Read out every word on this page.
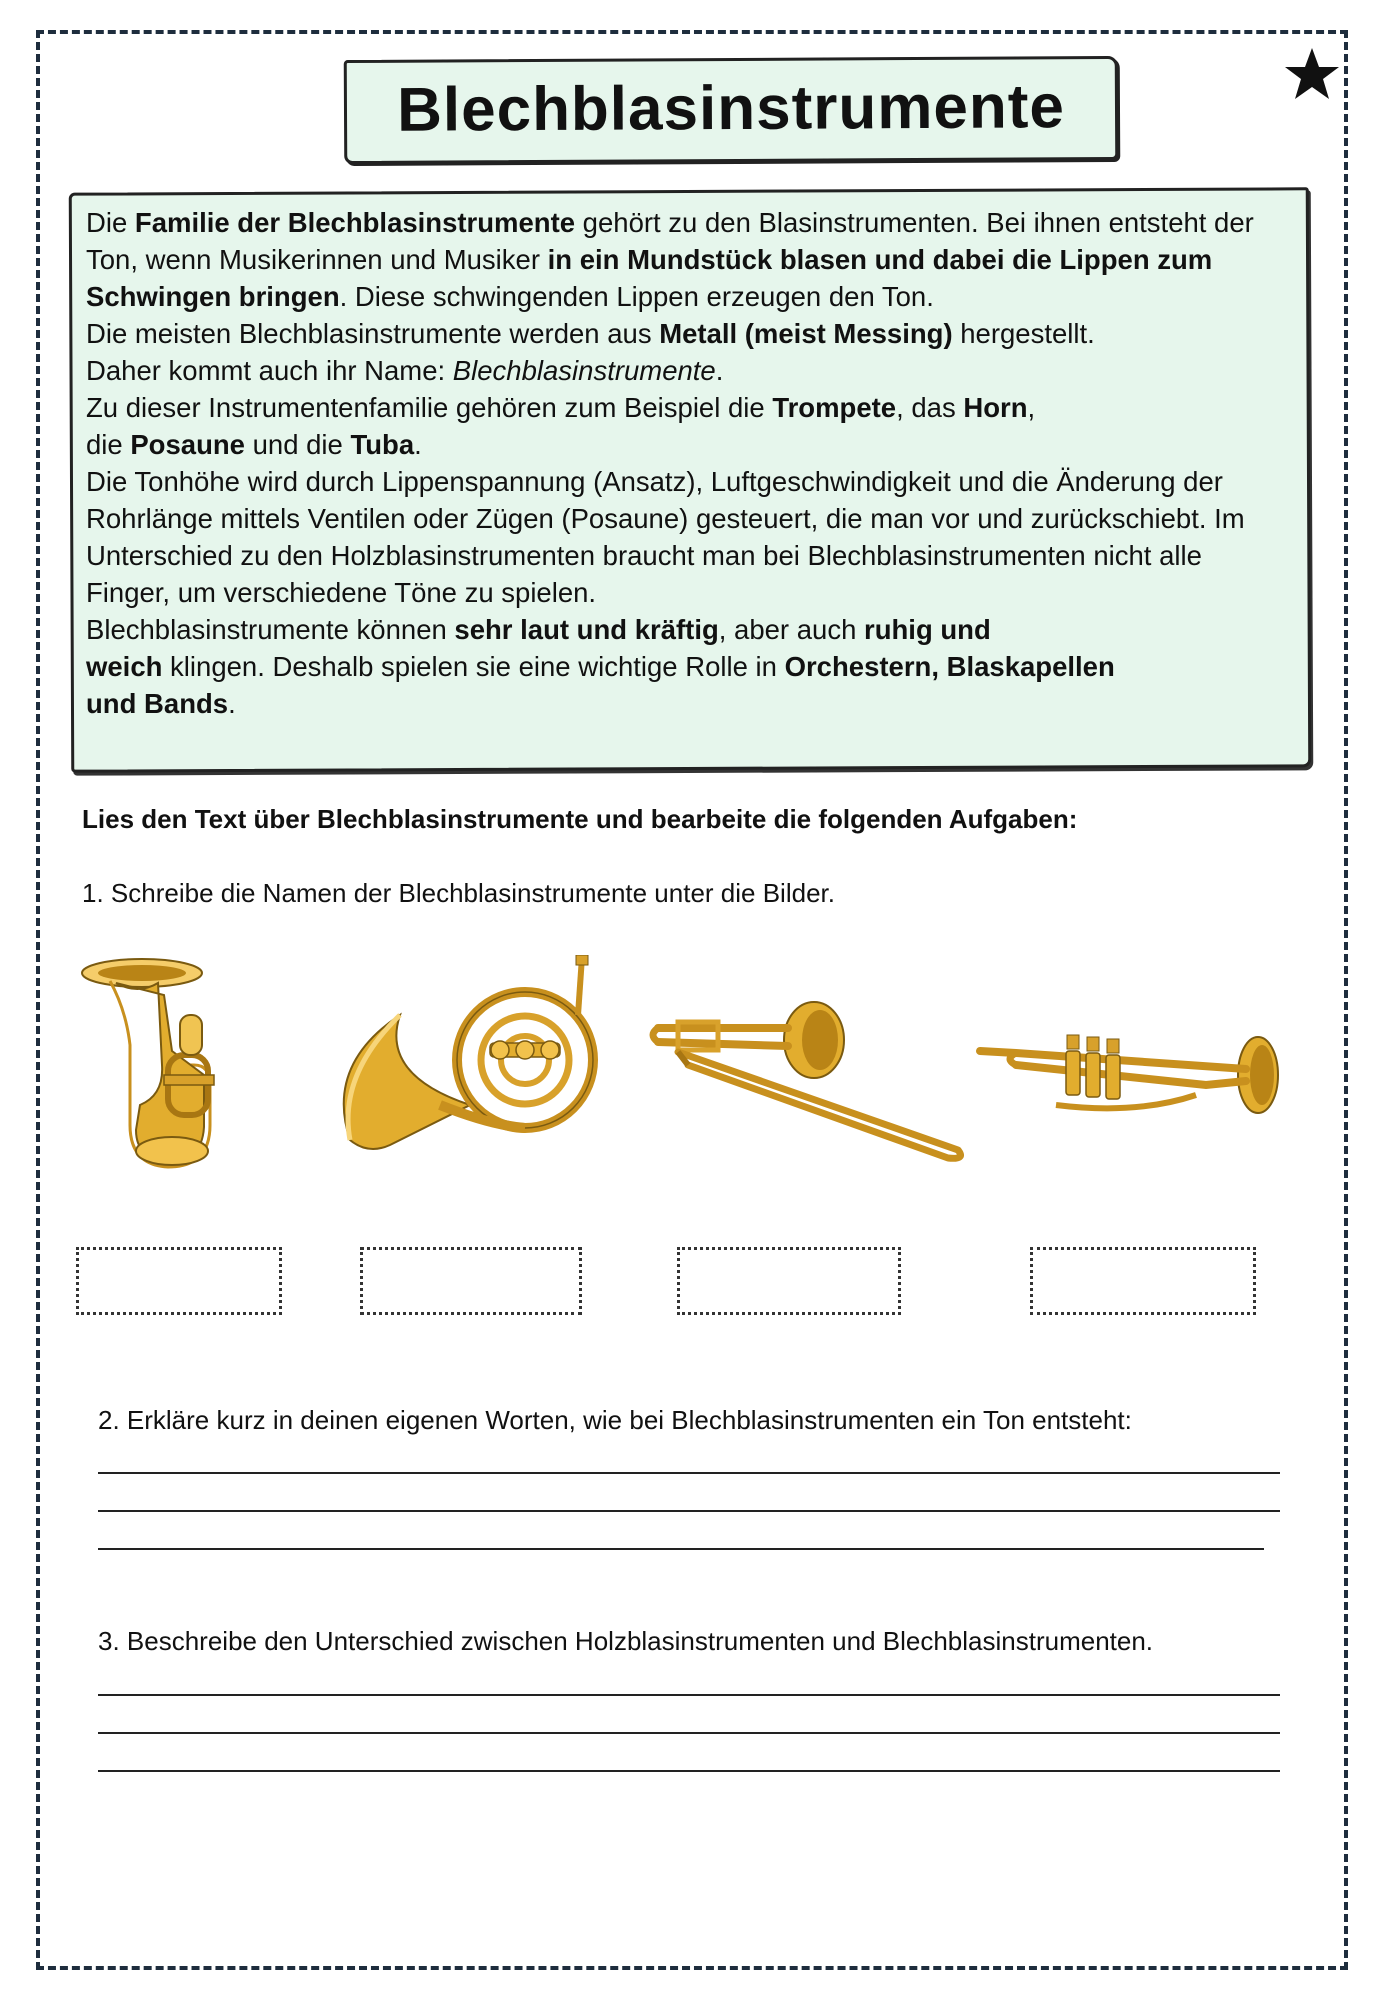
Blechblasinstrumente

Die Familie der Blechblasinstrumente gehört zu den Blasinstrumenten. Bei ihnen entsteht der Ton, wenn Musikerinnen und Musiker in ein Mundstück blasen und dabei die Lippen zum Schwingen bringen. Diese schwingenden Lippen erzeugen den Ton.

Die meisten Blechblasinstrumente werden aus Metall (meist Messing) hergestellt.

Daher kommt auch ihr Name: Blechblasinstrumente.

Zu dieser Instrumentenfamilie gehören zum Beispiel die Trompete, das Horn,
die Posaune und die Tuba.

Die Tonhöhe wird durch Lippenspannung (Ansatz), Luftgeschwindigkeit und die Änderung der Rohrlänge mittels Ventilen oder Zügen (Posaune) gesteuert, die man vor und zurückschiebt. Im Unterschied zu den Holzblasinstrumenten braucht man bei Blechblasinstrumenten nicht alle Finger, um verschiedene Töne zu spielen.

Blechblasinstrumente können sehr laut und kräftig, aber auch ruhig und
weich klingen. Deshalb spielen sie eine wichtige Rolle in Orchestern, Blaskapellen
und Bands.

Lies den Text über Blechblasinstrumente und bearbeite die folgenden Aufgaben:
1. Schreibe die Namen der Blechblasinstrumente unter die Bilder.
2. Erkläre kurz in deinen eigenen Worten, wie bei Blechblasinstrumenten ein Ton entsteht:
3. Beschreibe den Unterschied zwischen Holzblasinstrumenten und Blechblasinstrumenten.
